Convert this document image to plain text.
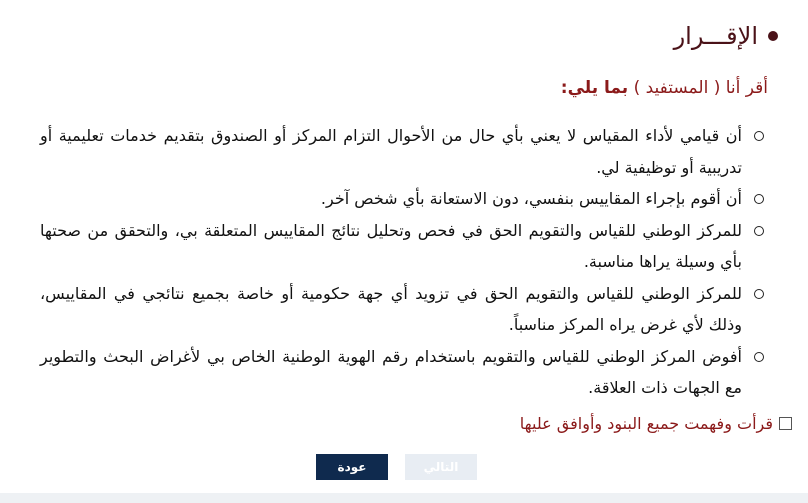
الإقـــرار
أقر أنا ( المستفيد ) بما يلي:
أن قيامي لأداء المقياس لا يعني بأي حال من الأحوال التزام المركز أو الصندوق بتقديم خدمات تعليمية أو تدريبية أو توظيفية لي.
أن أقوم بإجراء المقاييس بنفسي، دون الاستعانة بأي شخص آخر.
للمركز الوطني للقياس والتقويم الحق في فحص وتحليل نتائج المقاييس المتعلقة بي، والتحقق من صحتها بأي وسيلة يراها مناسبة.
للمركز الوطني للقياس والتقويم الحق في تزويد أي جهة حكومية أو خاصة بجميع نتائجي في المقاييس، وذلك لأي غرض يراه المركز مناسباً.
أفوض المركز الوطني للقياس والتقويم باستخدام رقم الهوية الوطنية الخاص بي لأغراض البحث والتطوير مع الجهات ذات العلاقة.
قرأت وفهمت جميع البنود وأوافق عليها
عودة	التالي
